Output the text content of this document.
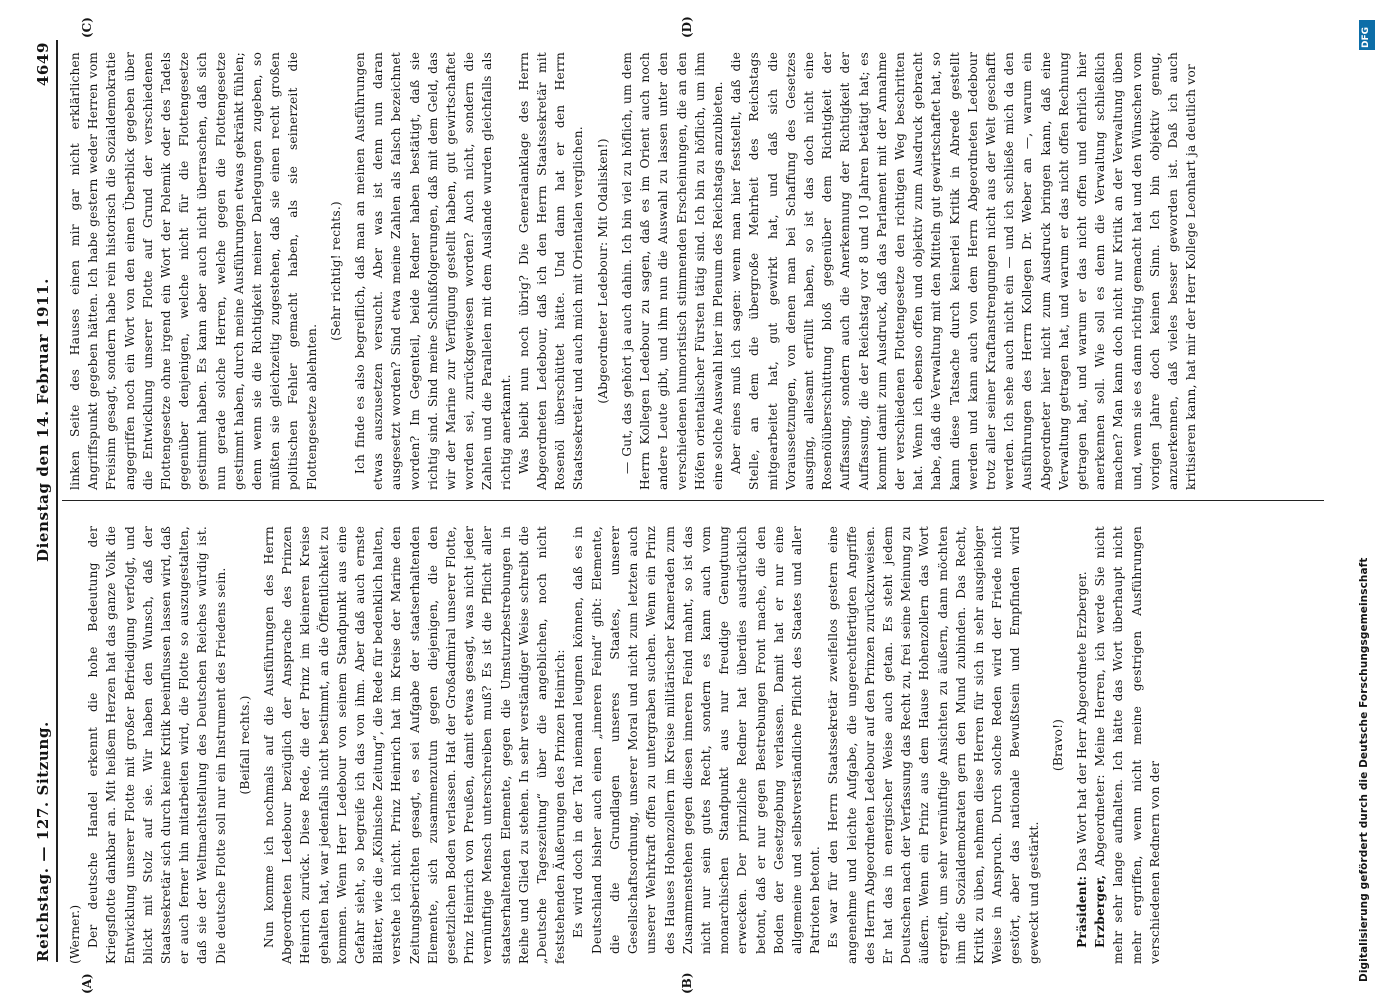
Reichstag. — 127. Sitzung.
Dienstag den 14. Februar 1911.
4649
(A)	(B)
(C)	(D)

(Werner.) Der deutsche Handel erkennt die hohe Bedeutung der Kriegsflotte dankbar an. Mit heißem Herzen hat das ganze Volk die Entwicklung unserer Flotte mit großer Befriedigung verfolgt, und blickt mit Stolz auf sie. Wir haben den Wunsch, daß der Staatssekretär sich durch keine Kritik beeinflussen lassen wird, daß er auch ferner hin mitarbeiten wird, die Flotte so auszugestalten, daß sie der Weltmachtstellung des Deutschen Reiches würdig ist. Die deutsche Flotte soll nur ein Instrument des Friedens sein. (Beifall rechts.) Nun komme ich nochmals auf die Ausführungen des Herrn Abgeordneten Ledebour bezüglich der Ansprache des Prinzen Heinrich zurück. Diese Rede, die der Prinz im kleineren Kreise gehalten hat, war jedenfalls nicht bestimmt, an die Öffentlichkeit zu kommen. Wenn Herr Ledebour von seinem Standpunkt aus eine Gefahr sieht, so begreife ich das von ihm. Aber daß auch ernste Blätter, wie die „Kölnische Zeitung“, die Rede für bedenklich halten, verstehe ich nicht. Prinz Heinrich hat im Kreise der Marine den Zeitungsberichten gesagt, es sei Aufgabe der staatserhaltenden Elemente, sich zusammenzutun gegen diejenigen, die den gesetzlichen Boden verlassen. Hat der Großadmiral unserer Flotte, Prinz Heinrich von Preußen, damit etwas gesagt, was nicht jeder vernünftige Mensch unterschreiben muß? Es ist die Pflicht aller staatserhaltenden Elemente, gegen die Umsturzbestrebungen in Reihe und Glied zu stehen. In sehr verständiger Weise schreibt die „Deutsche Tageszeitung“ über die angeblichen, noch nicht feststehenden Äußerungen des Prinzen Heinrich: Es wird doch in der Tat niemand leugnen können, daß es in Deutschland bisher auch einen „inneren Feind“ gibt: Elemente, die die Grundlagen unseres Staates, unserer Gesellschaftsordnung, unserer Moral und nicht zum letzten auch unserer Wehrkraft offen zu untergraben suchen. Wenn ein Prinz des Hauses Hohenzollern im Kreise militärischer Kameraden zum Zusammenstehen gegen diesen inneren Feind mahnt, so ist das nicht nur sein gutes Recht, sondern es kann auch vom monarchischen Standpunkt aus nur freudige Genugtuung erwecken. Der prinzliche Redner hat überdies ausdrücklich betont, daß er nur gegen Bestrebungen Front mache, die den Boden der Gesetzgebung verlassen. Damit hat er nur eine allgemeine und selbstverständliche Pflicht des Staates und aller Patrioten betont. Es war für den Herrn Staatssekretär zweifellos gestern eine angenehme und leichte Aufgabe, die ungerechtfertigten Angriffe des Herrn Abgeordneten Ledebour auf den Prinzen zurückzuweisen. Er hat das in energischer Weise auch getan. Es steht jedem Deutschen nach der Verfassung das Recht zu, frei seine Meinung zu äußern. Wenn ein Prinz aus dem Hause Hohenzollern das Wort ergreift, um sehr vernünftige Ansichten zu äußern, dann möchten ihm die Sozialdemokraten gern den Mund zubinden. Das Recht, Kritik zu üben, nehmen diese Herren für sich in sehr ausgiebiger Weise in Anspruch. Durch solche Reden wird der Friede nicht gestört, aber das nationale Bewußtsein und Empfinden wird geweckt und gestärkt.

(Bravo!)

Präsident: Das Wort hat der Herr Abgeordnete Erzberger.

Erzberger, Abgeordneter: Meine Herren, ich werde Sie nicht mehr sehr lange aufhalten. Ich hätte das Wort überhaupt nicht mehr ergriffen, wenn nicht meine gestrigen Ausführungen verschiedenen Rednern von der

linken Seite des Hauses einen mir gar nicht erklärlichen Angriffspunkt gegeben hätten. Ich habe gestern weder Herren vom Freisinn gesagt, sondern habe rein historisch die Sozialdemokratie angegriffen noch ein Wort von den einen Überblick gegeben über die Entwicklung unserer Flotte auf Grund der verschiedenen Flottengesetze ohne irgend ein Wort der Polemik oder des Tadels gegenüber denjenigen, welche nicht für die Flottengesetze gestimmt haben. Es kann aber auch nicht überraschen, daß sich nun gerade solche Herren, welche gegen die Flottengesetze gestimmt haben, durch meine Ausführungen etwas gekränkt fühlen; denn wenn sie die Richtigkeit meiner Darlegungen zugeben, so müßten sie gleichzeitig zugestehen, daß sie einen recht großen politischen Fehler gemacht haben, als sie seinerzeit die Flottengesetze ablehnten.

(Sehr richtig! rechts.) Ich finde es also begreiflich, daß man an meinen Ausführungen etwas auszusetzen versucht. Aber was ist denn nun daran ausgesetzt worden? Sind etwa meine Zahlen als falsch bezeichnet worden? Im Gegenteil, beide Redner haben bestätigt, daß sie richtig sind. Sind meine Schlußfolgerungen, daß mit dem Geld, das wir der Marine zur Verfügung gestellt haben, gut gewirtschaftet worden sei, zurückgewiesen worden? Auch nicht, sondern die Zahlen und die Parallelen mit dem Auslande wurden gleichfalls als richtig anerkannt. Was bleibt nun noch übrig? Die Generalanklage des Herrn Abgeordneten Ledebour, daß ich den Herrn Staatssekretär mit Rosenöl überschüttet hätte. Und dann hat er den Herrn Staatssekretär und auch mich mit Orientalen verglichen. (Abgeordneter Ledebour: Mit Odalisken!) — Gut, das gehört ja auch dahin. Ich bin viel zu höflich, um dem Herrn Kollegen Ledebour zu sagen, daß es im Orient auch noch andere Leute gibt, und ihm nun die Auswahl zu lassen unter den verschiedenen humoristisch stimmenden Erscheinungen, die an den Höfen orientalischer Fürsten tätig sind. Ich bin zu höflich, um ihm eine solche Auswahl hier im Plenum des Reichstags anzubieten. Aber eines muß ich sagen: wenn man hier feststellt, daß die Stelle, an dem die übergroße Mehrheit des Reichstags mitgearbeitet hat, gut gewirkt hat, und daß sich die Voraussetzungen, von denen man bei Schaffung des Gesetzes ausging, allesamt erfüllt haben, so ist das doch nicht eine Rosenölüberschüttung bloß gegenüber dem Richtigkeit der Auffassung, sondern auch die Anerkennung der Richtigkeit der Auffassung, die der Reichstag vor 8 und 10 Jahren betätigt hat; es kommt damit zum Ausdruck, daß das Parlament mit der Annahme der verschiedenen Flottengesetze den richtigen Weg beschritten hat. Wenn ich ebenso offen und objektiv zum Ausdruck gebracht habe, daß die Verwaltung mit den Mitteln gut gewirtschaftet hat, so kann diese Tatsache durch keinerlei Kritik in Abrede gestellt werden und kann auch von dem Herrn Abgeordneten Ledebour trotz aller seiner Kraftanstrengungen nicht aus der Welt geschafft werden. Ich sehe auch nicht ein — und ich schließe mich da den Ausführungen des Herrn Kollegen Dr. Weber an —, warum ein Abgeordneter hier nicht zum Ausdruck bringen kann, daß eine Verwaltung getragen hat, und warum er das nicht offen Rechnung getragen hat, und warum er das nicht offen und ehrlich hier anerkennen soll. Wie soll es denn die Verwaltung schließlich machen? Man kann doch nicht nur Kritik an der Verwaltung üben und, wenn sie es dann richtig gemacht hat und den Wünschen vom vorigen Jahre doch keinen Sinn. Ich bin objektiv genug, anzuerkennen, daß vieles besser geworden ist. Daß ich auch kritisieren kann, hat mir der Herr Kollege Leonhart ja deutlich vor

DFG
Digitalisierung gefördert durch die Deutsche Forschungsgemeinschaft
